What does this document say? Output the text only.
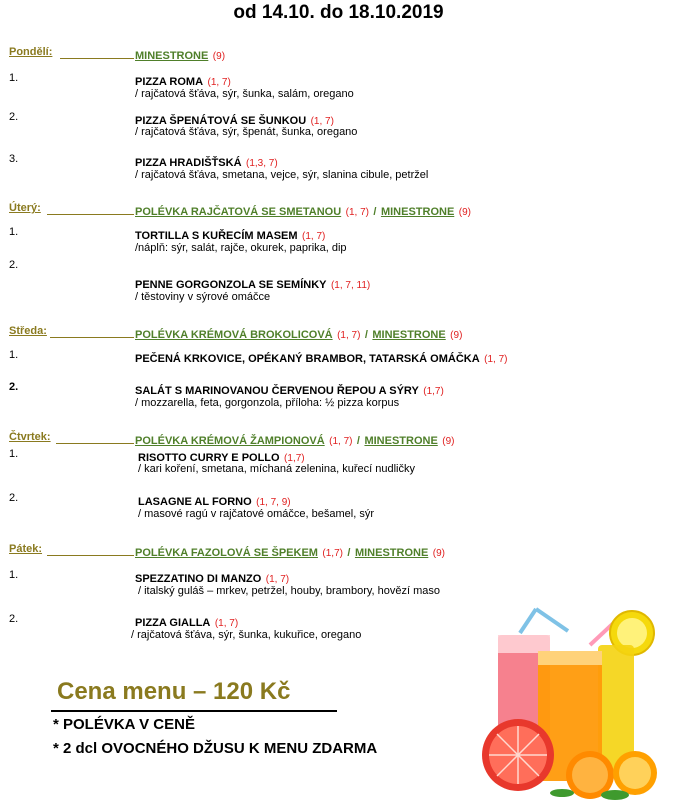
od 14.10. do 18.10.2019
Pondělí:	MINESTRONE (9)
1.	PIZZA ROMA (1, 7)
/ rajčatová šťáva, sýr, šunka, salám, oregano
2.	PIZZA ŠPENÁTOVÁ SE ŠUNKOU (1, 7)
/ rajčatová šťáva, sýr, špenát, šunka, oregano
3.	PIZZA HRADIŠŤSKÁ (1,3, 7)
/ rajčatová šťáva, smetana, vejce, sýr, slanina cibule, petržel
Úterý:	POLÉVKA RAJČATOVÁ SE SMETANOU (1, 7) / MINESTRONE (9)
1.	TORTILLA S KUŘECÍM MASEM (1, 7)
/náplň: sýr, salát, rajče, okurek, paprika, dip
2.
PENNE GORGONZOLA SE SEMÍNKY (1, 7, 11)
/ těstoviny v sýrové omáčce
Středa:	POLÉVKA KRÉMOVÁ BROKOLICOVÁ (1, 7) / MINESTRONE (9)
1.	PEČENÁ KRKOVICE, OPÉKANÝ BRAMBOR, TATARSKÁ OMÁČKA (1, 7)
2.	SALÁT S MARINOVANOU ČERVENOU ŘEPOU A SÝRY (1,7)
/ mozzarella, feta, gorgonzola, příloha: ½ pizza korpus
Čtvrtek:	POLÉVKA KRÉMOVÁ ŽAMPIONOVÁ (1, 7) / MINESTRONE (9)
1.	RISOTTO CURRY E POLLO (1,7)
/ kari koření, smetana, míchaná zelenina, kuřecí nudličky
2.	LASAGNE AL FORNO (1, 7, 9)
/ masové ragú v rajčatové omáčce, bešamel, sýr
Pátek:	POLÉVKA FAZOLOVÁ SE ŠPEKEM (1,7) / MINESTRONE (9)
1.	SPEZZATINO DI MANZO (1, 7)
/ italský guláš – mrkev, petržel, houby, brambory, hovězí maso
2.	PIZZA GIALLA (1, 7)
/ rajčatová šťáva, sýr, šunka, kukuřice, oregano
Cena menu – 120 Kč
* POLÉVKA V CENĚ
* 2 dcl OVOCNÉHO DŽUSU K MENU ZDARMA
